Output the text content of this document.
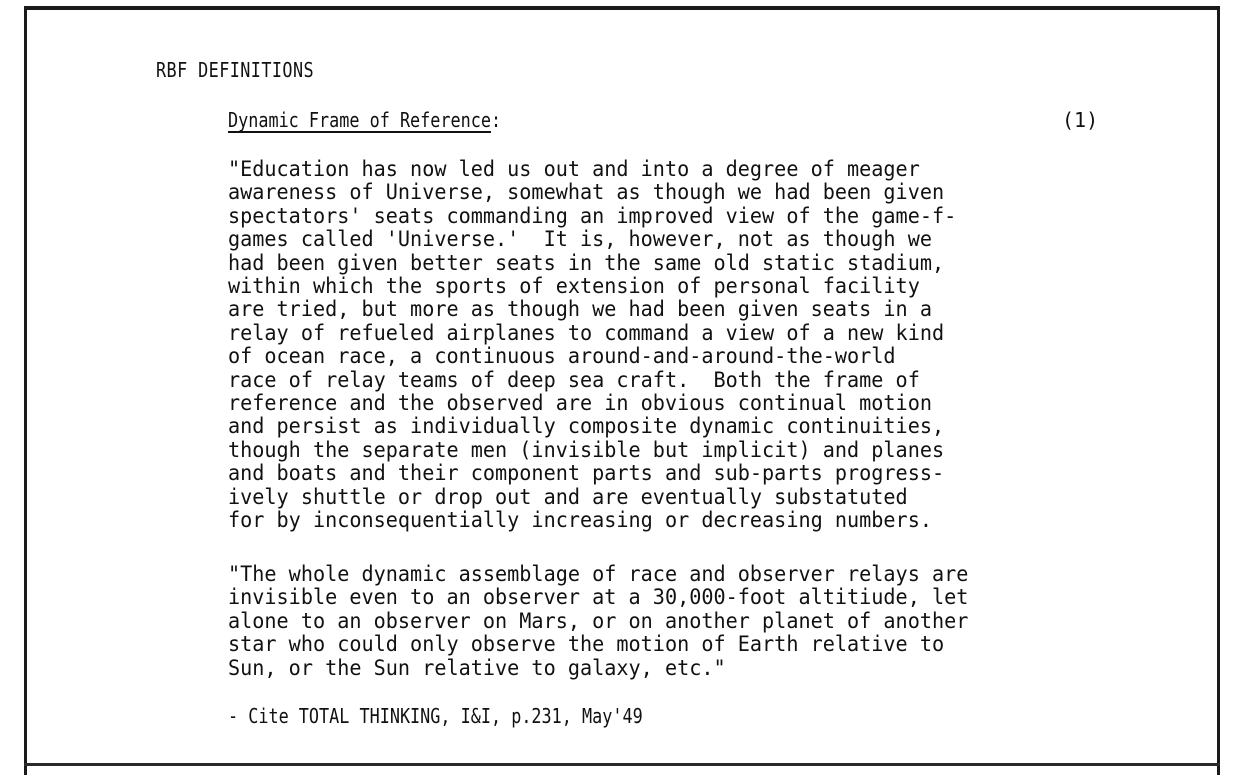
RBF DEFINITIONS
Dynamic Frame of Reference:	(1)
"Education has now led us out and into a degree of meager
awareness of Universe, somewhat as though we had been given
spectators' seats commanding an improved view of the game-f-
games called 'Universe.'  It is, however, not as though we
had been given better seats in the same old static stadium,
within which the sports of extension of personal facility
are tried, but more as though we had been given seats in a
relay of refueled airplanes to command a view of a new kind
of ocean race, a continuous around-and-around-the-world
race of relay teams of deep sea craft.  Both the frame of
reference and the observed are in obvious continual motion
and persist as individually composite dynamic continuities,
though the separate men (invisible but implicit) and planes
and boats and their component parts and sub-parts progress-
ively shuttle or drop out and are eventually substatuted
for by inconsequentially increasing or decreasing numbers.
"The whole dynamic assemblage of race and observer relays are
invisible even to an observer at a 30,000-foot altitiude, let
alone to an observer on Mars, or on another planet of another
star who could only observe the motion of Earth relative to
Sun, or the Sun relative to galaxy, etc."
- Cite TOTAL THINKING, I&I, p.231, May'49
